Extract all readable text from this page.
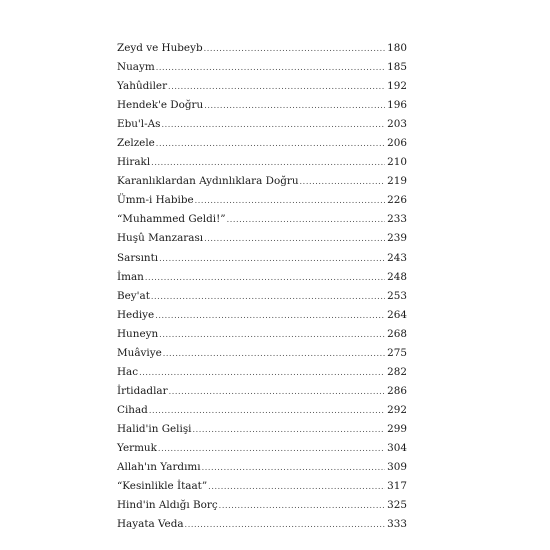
Zeyd ve Hubeyb .....	180
Nuaym .....	185
Yahûdiler .....	192
Hendek'e Doğru .....	196
Ebu'l-As .....	203
Zelzele .....	206
Hirakl .....	210
Karanlıklardan Aydınlıklara Doğru .....	219
Ümm-i Habibe .....	226
“Muhammed Geldi!” .....	233
Huşû Manzarası .....	239
Sarsıntı .....	243
İman .....	248
Bey'at .....	253
Hediye .....	264
Huneyn .....	268
Muâviye .....	275
Hac .....	282
İrtidadlar .....	286
Cihad .....	292
Halid'in Gelişi .....	299
Yermuk .....	304
Allah'ın Yardımı .....	309
“Kesinlikle İtaat” .....	317
Hind'in Aldığı Borç .....	325
Hayata Veda .....	333
